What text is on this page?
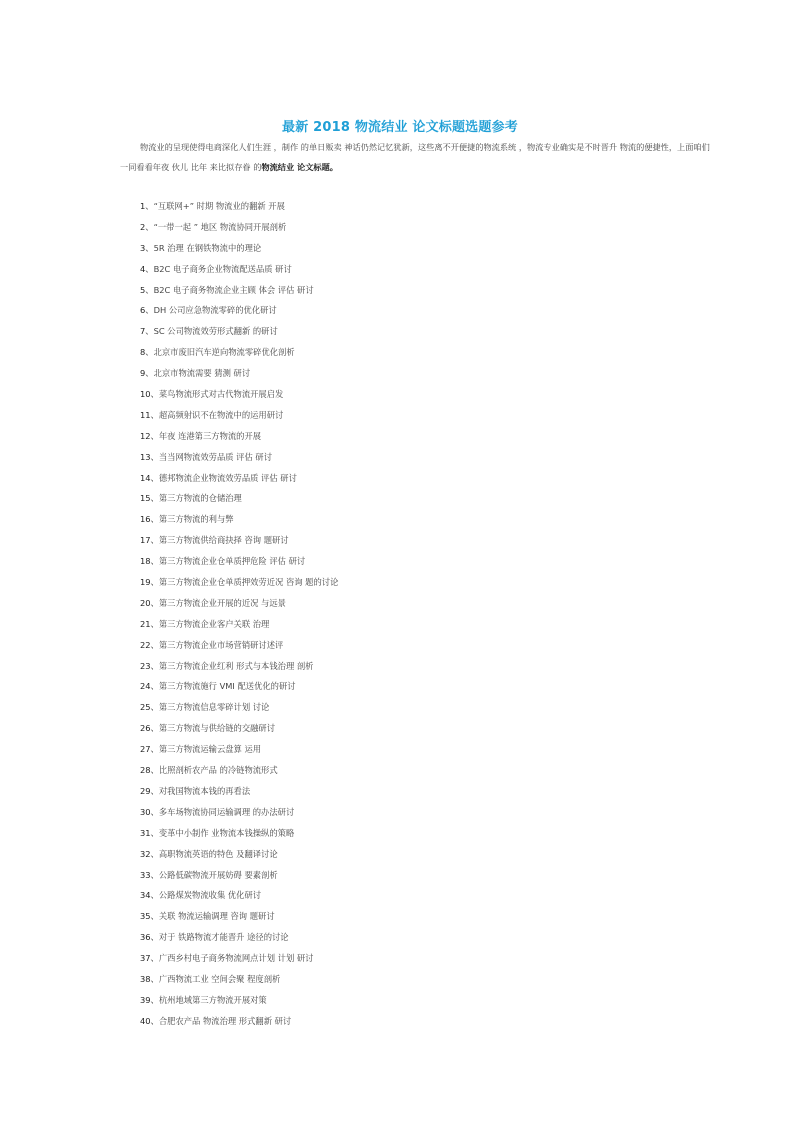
最新 2018 物流结业 论文标题选题参考
物流业的呈现使得电商深化人们生涯 ，制作 的单日贩卖 神话仍然记忆犹新，这些离不开便捷的物流系统 ，物流专业确实是不时晋升 物流的便捷性，上面咱们 一同看看年夜 伙儿 比年 来比拟存眷 的物流结业 论文标题。
1、“互联网+” 时期 物流业的翻新 开展
2、“一带一起 ” 地区 物流协同开展剖析
3、5R 治理 在钢铁物流中的理论
4、B2C 电子商务企业物流配送品质 研讨
5、B2C 电子商务物流企业主顾 体会 评估 研讨
6、DH 公司应急物流零碎的优化研讨
7、SC 公司物流效劳形式翻新 的研讨
8、北京市废旧汽车逆向物流零碎优化剖析
9、北京市物流需要 猜测 研讨
10、菜鸟物流形式对古代物流开展启发
11、超高频射识不在物流中的运用研讨
12、年夜 连港第三方物流的开展
13、当当网物流效劳品质 评估 研讨
14、德邦物流企业物流效劳品质 评估 研讨
15、第三方物流的仓储治理
16、第三方物流的利与弊
17、第三方物流供给商抉择 咨询 题研讨
18、第三方物流企业仓单质押危险 评估 研讨
19、第三方物流企业仓单质押效劳近况 咨询 题的讨论
20、第三方物流企业开展的近况 与远景
21、第三方物流企业客户关联 治理
22、第三方物流企业市场营销研讨述评
23、第三方物流企业红利 形式与本钱治理 剖析
24、第三方物流施行 VMI 配送优化的研讨
25、第三方物流信息零碎计划 讨论
26、第三方物流与供给链的交融研讨
27、第三方物流运输云盘算 运用
28、比照剖析农产品 的冷链物流形式
29、对我国物流本钱的再看法
30、多车场物流协同运输调理 的办法研讨
31、变革中小制作 业物流本钱操纵的策略
32、高职物流英语的特色 及翻译讨论
33、公路低碳物流开展妨碍 要素剖析
34、公路煤炭物流收集 优化研讨
35、关联 物流运输调理 咨询 题研讨
36、对于 铁路物流才能晋升 途径的讨论
37、广西乡村电子商务物流网点计划 计划 研讨
38、广西物流工业 空间会聚 程度剖析
39、杭州地域第三方物流开展对策
40、合肥农产品 物流治理 形式翻新 研讨
